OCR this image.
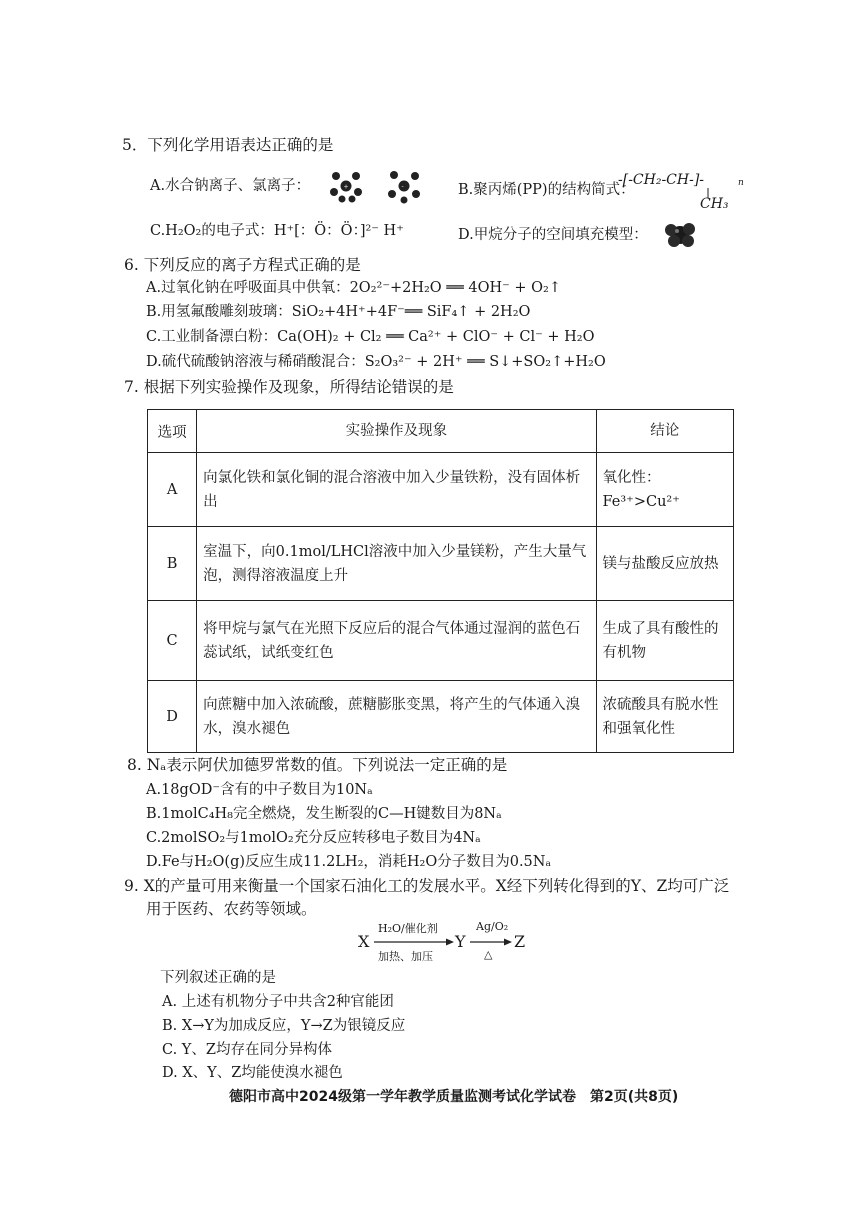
5．下列化学用语表达正确的是
A.水合钠离子、氯离子：	+	-	B.聚丙烯(PP)的结构简式：
-[-CH₂-CH-]-	n
CH₃
C.H₂O₂的电子式：H⁺[：Ö：Ö：]²⁻ H⁺	D.甲烷分子的空间填充模型：
6. 下列反应的离子方程式正确的是
A.过氧化钠在呼吸面具中供氧：2O₂²⁻+2H₂O ══ 4OH⁻ + O₂↑
B.用氢氟酸雕刻玻璃：SiO₂+4H⁺+4F⁻══ SiF₄↑ + 2H₂O
C.工业制备漂白粉：Ca(OH)₂ + Cl₂ ══ Ca²⁺ + ClO⁻ + Cl⁻ + H₂O
D.硫代硫酸钠溶液与稀硝酸混合：S₂O₃²⁻ + 2H⁺ ══ S↓+SO₂↑+H₂O
7. 根据下列实验操作及现象，所得结论错误的是
选项	实验操作及现象	结论
A	向氯化铁和氯化铜的混合溶液中加入少量铁粉，没有固体析出	氧化性：Fe³⁺>Cu²⁺
B	室温下，向0.1mol/LHCl溶液中加入少量镁粉，产生大量气泡，测得溶液温度上升	镁与盐酸反应放热
C	将甲烷与氯气在光照下反应后的混合气体通过湿润的蓝色石蕊试纸，试纸变红色	生成了具有酸性的有机物
D	向蔗糖中加入浓硫酸，蔗糖膨胀变黑，将产生的气体通入溴水，溴水褪色	浓硫酸具有脱水性和强氧化性
8. Nₐ表示阿伏加德罗常数的值。下列说法一定正确的是
A.18gOD⁻含有的中子数目为10Nₐ
B.1molC₄H₈完全燃烧，发生断裂的C—H键数目为8Nₐ
C.2molSO₂与1molO₂充分反应转移电子数目为4Nₐ
D.Fe与H₂O(g)反应生成11.2LH₂，消耗H₂O分子数目为0.5Nₐ
9. X的产量可用来衡量一个国家石油化工的发展水平。X经下列转化得到的Y、Z均可广泛
用于医药、农药等领域。
X
H₂O/催化剂
加热、加压
Y
Ag/O₂
△
Z
下列叙述正确的是
A. 上述有机物分子中共含2种官能团
B. X→Y为加成反应，Y→Z为银镜反应
C. Y、Z均存在同分异构体
D. X、Y、Z均能使溴水褪色
德阳市高中2024级第一学年教学质量监测考试化学试卷　第2页(共8页)
